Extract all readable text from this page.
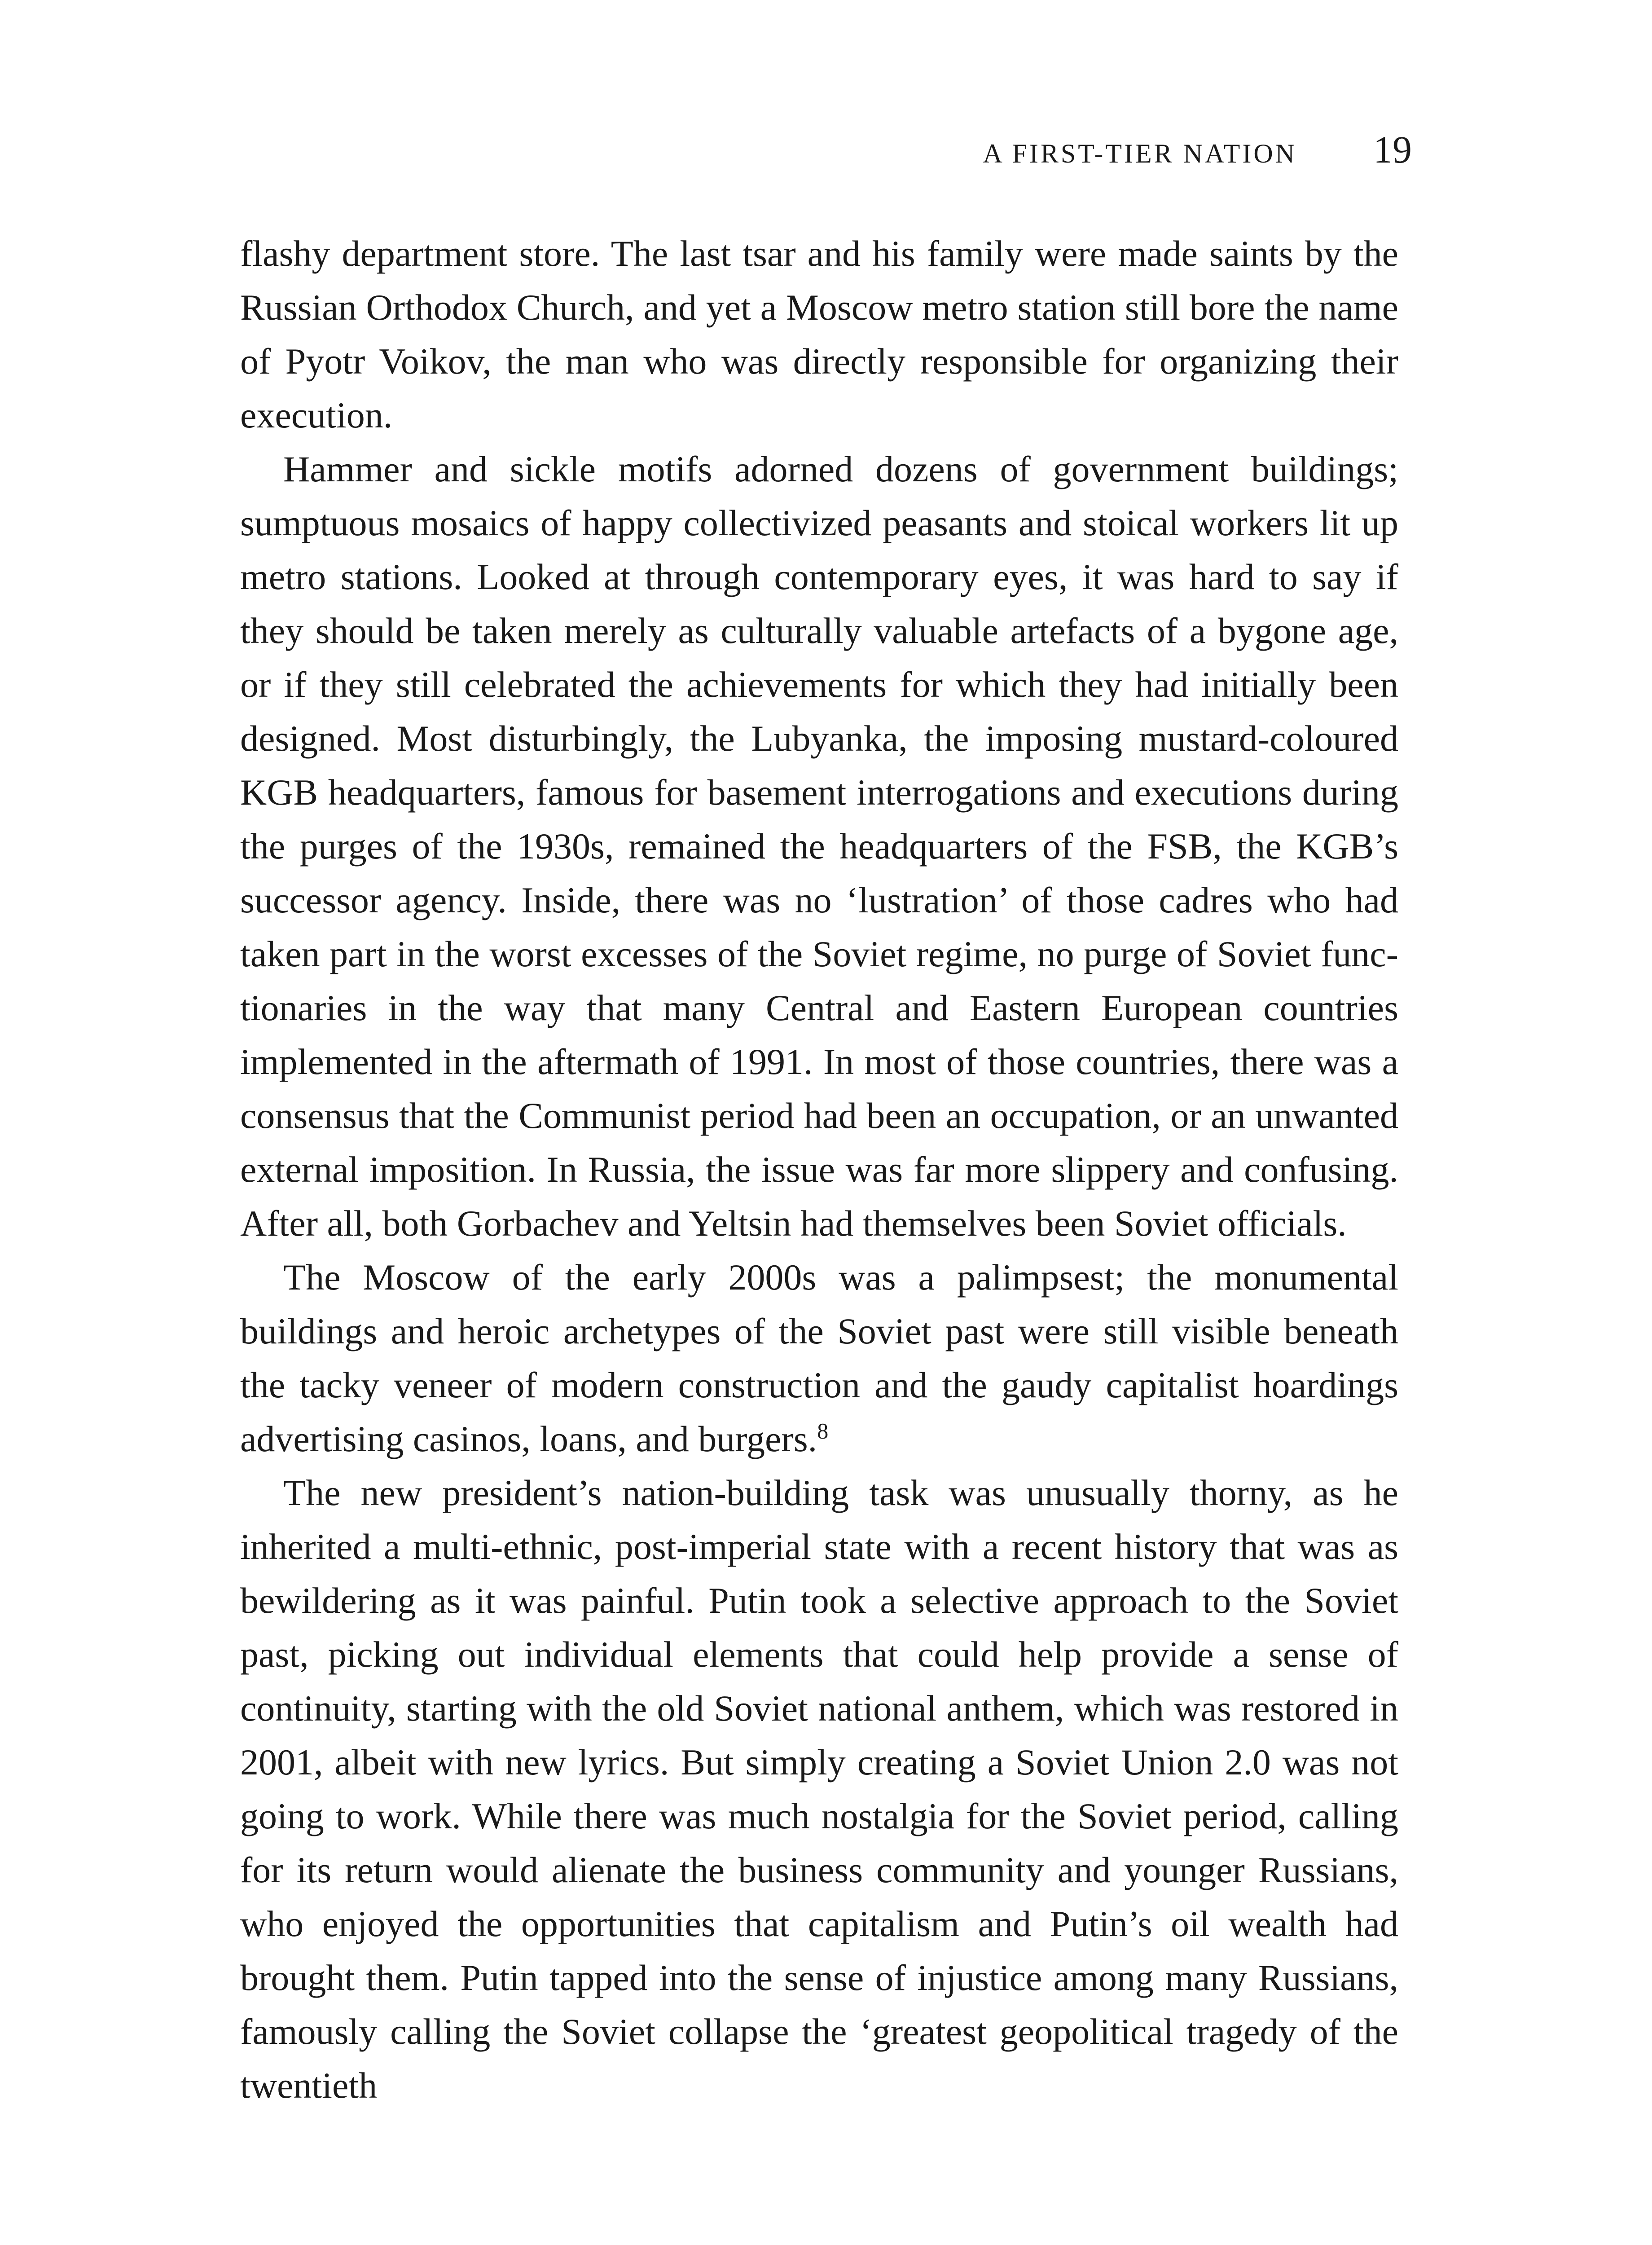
A FIRST-TIER NATION 19

flashy department store. The last tsar and his family were made saints by the Russian Orthodox Church, and yet a Moscow metro station still bore the name of Pyotr Voikov, the man who was directly responsible for organizing their execution.

Hammer and sickle motifs adorned dozens of government buildings; sumptuous mosaics of happy collectivized peasants and stoical workers lit up metro stations. Looked at through contemporary eyes, it was hard to say if they should be taken merely as culturally valuable artefacts of a bygone age, or if they still celebrated the achievements for which they had initially been designed. Most disturbingly, the Lubyanka, the imposing mustard-coloured KGB headquarters, famous for basement interrogations and executions during the purges of the 1930s, remained the headquarters of the FSB, the KGB’s successor agency. Inside, there was no ‘lustration’ of those cadres who had taken part in the worst excesses of the Soviet regime, no purge of Soviet functionaries in the way that many Central and Eastern European countries implemented in the aftermath of 1991. In most of those countries, there was a consensus that the Communist period had been an occupation, or an unwanted external imposition. In Russia, the issue was far more slippery and confusing. After all, both Gorbachev and Yeltsin had themselves been Soviet officials.

The Moscow of the early 2000s was a palimpsest; the monumental buildings and heroic archetypes of the Soviet past were still visible beneath the tacky veneer of modern construction and the gaudy capitalist hoardings advertising casinos, loans, and burgers.$^8$

The new president’s nation-building task was unusually thorny, as he inherited a multi-ethnic, post-imperial state with a recent history that was as bewildering as it was painful. Putin took a selective approach to the Soviet past, picking out individual elements that could help provide a sense of continuity, starting with the old Soviet national anthem, which was restored in 2001, albeit with new lyrics. But simply creating a Soviet Union 2.0 was not going to work. While there was much nostalgia for the Soviet period, calling for its return would alienate the business community and younger Russians, who enjoyed the opportunities that capitalism and Putin’s oil wealth had brought them. Putin tapped into the sense of injustice among many Russians, famously calling the Soviet collapse the ‘greatest geopolitical tragedy of the twentieth
